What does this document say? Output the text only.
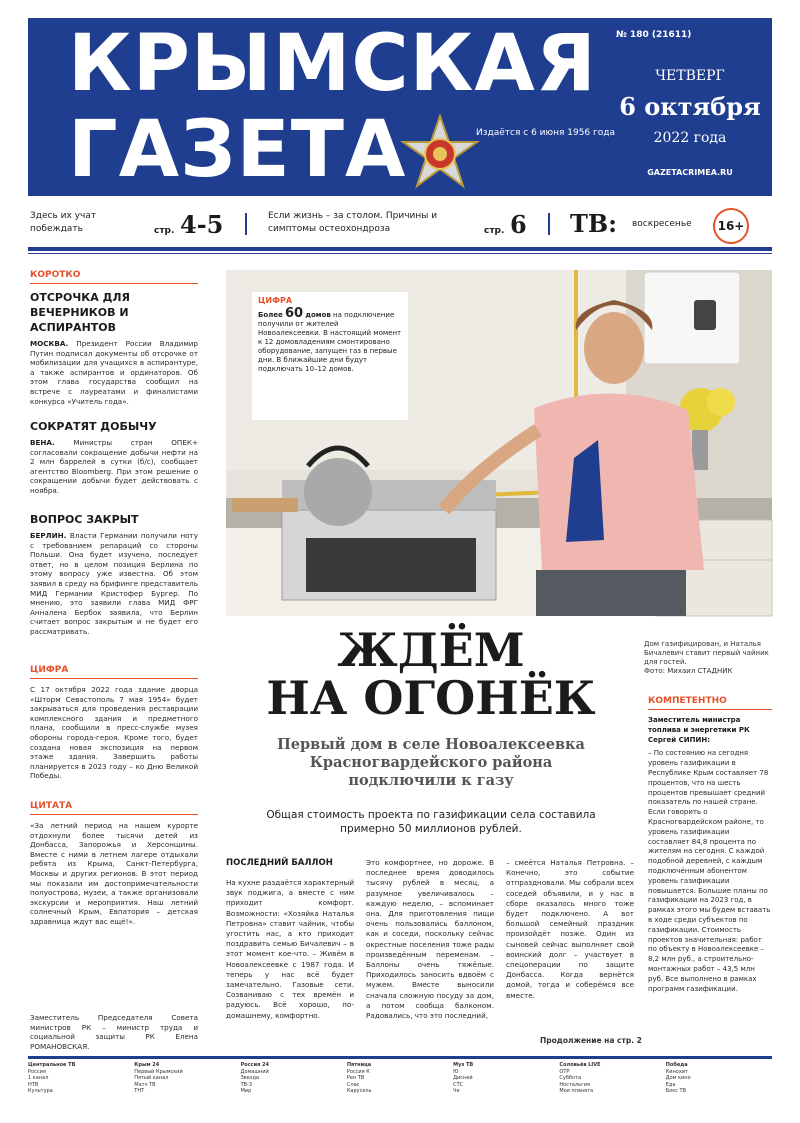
КРЫМСКАЯ
ГАЗЕТА	Издаётся с 6 июня 1956 года
№ 180 (21611)
ЧЕТВЕРГ
6 октября
2022 года
GAZETACRIMEA.RU
Здесь их учат побеждать	стр. 4-5	Если жизнь – за столом. Причины и симптомы остеохондроза	стр. 6 ТВ: воскресенье	16+
КОРОТКО
ОТСРОЧКА ДЛЯ ВЕЧЕРНИКОВ И АСПИРАНТОВ
МОСКВА. Президент России Владимир Путин подписал документы об отсрочке от мобилизации для учащихся в аспирантуре, а также аспирантов и ординаторов. Об этом глава государства сообщил на встрече с лауреатами и финалистами конкурса «Учитель года».
СОКРАТЯТ ДОБЫЧУ
ВЕНА.	Министры стран ОПЕК+ согласовали сокращение добычи нефти на 2 млн баррелей в сутки (б/с), сообщает агентство Bloomberg. При этом решение о сокращении добычи будет действовать с ноября.
ВОПРОС ЗАКРЫТ
БЕРЛИН. Власти Германии получили ноту с требованием репараций со стороны Польши. Она будет изучена, последует ответ, но в целом позиция Берлина по этому вопросу уже известна. Об этом заявил в среду на брифинге представитель МИД Германии Кристофер Бургер. По мнению, это заявили глава МИД ФРГ Анналена Бербок заявила, что Берлин считает вопрос закрытым и не будет его рассматривать.
ЦИФРА
С 17 октября 2022 года здание дворца «Шторм Севастополь 7 мая 1954» будет закрываться для проведения реставрации комплексного здания и предметного плана, сообщили в пресс-службе музея обороны города-героя. Кроме того, будет создана новая экспозиция на первом этаже здания. Завершить работы планируется в 2023 году – ко Дню Великой Победы.
ЦИТАТА
«За летний период на нашем курорте отдохнули более тысячи детей из Донбасса, Запорожья и Херсонщины. Вместе с ними в летнем лагере отдыхали ребята из Крыма, Санкт-Петербурга, Москвы и других регионов. В этот период мы показали им достопримечательности полуострова, музеи, а также организовали экскурсии и мероприятия. Наш летний солнечный Крым, Евпатория – детская здравница ждут вас ещё!».
Заместитель Председателя Совета министров РК – министр труда и социальной защиты РК Елена РОМАНОВСКАЯ.
ЦИФРА
Более 60 домов на подключение получили от жителей Новоалексеевки. В настоящий момент к 12 домовладениям смонтировано оборудование, запущен газ в первые дни. В ближайшие дни будут подключать 10–12 домов.
Дом газифицирован, и Наталья Бичалевич ставит первый чайник для гостей.
Фото: Михаил СТАДНИК
ЖДЁМ
НА ОГОНЁК
Первый дом в селе Новоалексеевка
Красногвардейского района
подключили к газу
Общая стоимость проекта по газификации села составила
примерно 50 миллионов рублей.
ПОСЛЕДНИЙ БАЛЛОН
На кухне раздаётся характерный звук поджига, а вместе с ним приходит комфорт. Возможности: «Хозяйка Наталья Петровна» ставит чайник, чтобы угостить нас, а кто приходит поздравить семью Бичалевич – в этот момент кое-что. – Живём в Новоалексеевке с 1987 года. И теперь у нас всё будет замечательно. Газовые сети. Созваниваю с тех времён и радуюсь. Всё хорошо, по-домашнему, комфортно.
Это комфортнее, но дороже. В последнее время доводилось тысячу рублей в месяц, а разумное увеличивалось – каждую неделю, – вспоминает она. Для приготовления пищи очень пользовались баллоном, как и соседи, поскольку сейчас окрестные поселения тоже рады произведённым переменам. – Баллоны очень тяжёлые. Приходилось заносить вдвоём с мужем. Вместе выносили сначала сложную посуду за дом, а потом сообща балконом. Радовались, что это последний,
– смеётся Наталья Петровна. – Конечно, это событие отпраздновали. Мы собрали всех соседей объявили, и у нас в сборе оказалось много тоже будет подключено. А вот большой семейный праздник произойдёт позже. Один из сыновей сейчас выполняет свой воинский долг – участвует в спецоперации по защите Донбасса. Когда вернётся домой, тогда и соберёмся все вместе.
Продолжение на стр. 2
КОМПЕТЕНТНО
Заместитель министра топлива и энергетики РК Сергей СИПИН:
– По состоянию на сегодня уровень газификации в Республике Крым составляет 78 процентов, что на шесть процентов превышает средний показатель по нашей стране. Если говорить о Красногвардейском районе, то уровень газификации составляет 84,8 процента по жителям на сегодня. С каждой подобной деревней, с каждым подключённым абонентом уровень газификации повышается. Большие планы по газификации на 2023 год, в рамках этого мы будем вставать в ходе среди субъектов по газификации. Стоимость проектов значительная: работ по объекту в Новоалексеевке – 8,2 млн руб., а строительно-монтажных работ – 43,5 млн руб. Все выполнено в рамках программ газификации.
Центральное ТВ
Россия
1 канал
НТВ
Культура
Крым 24
Первый Крымский
Пятый канал
Матч ТВ
ТНТ
Россия 24
Домашний
Звезда
ТВ-3
Мир
Пятница
Россия К
Рен ТВ
Спас
Карусель
Муз ТВ
Ю
Дисней
СТС
Че
Соловьёв LIVE
ОТР
Суббота
Ностальгия
Моя планета
Победа
Кинохит
Дом кино
Еда
Бокс ТВ
